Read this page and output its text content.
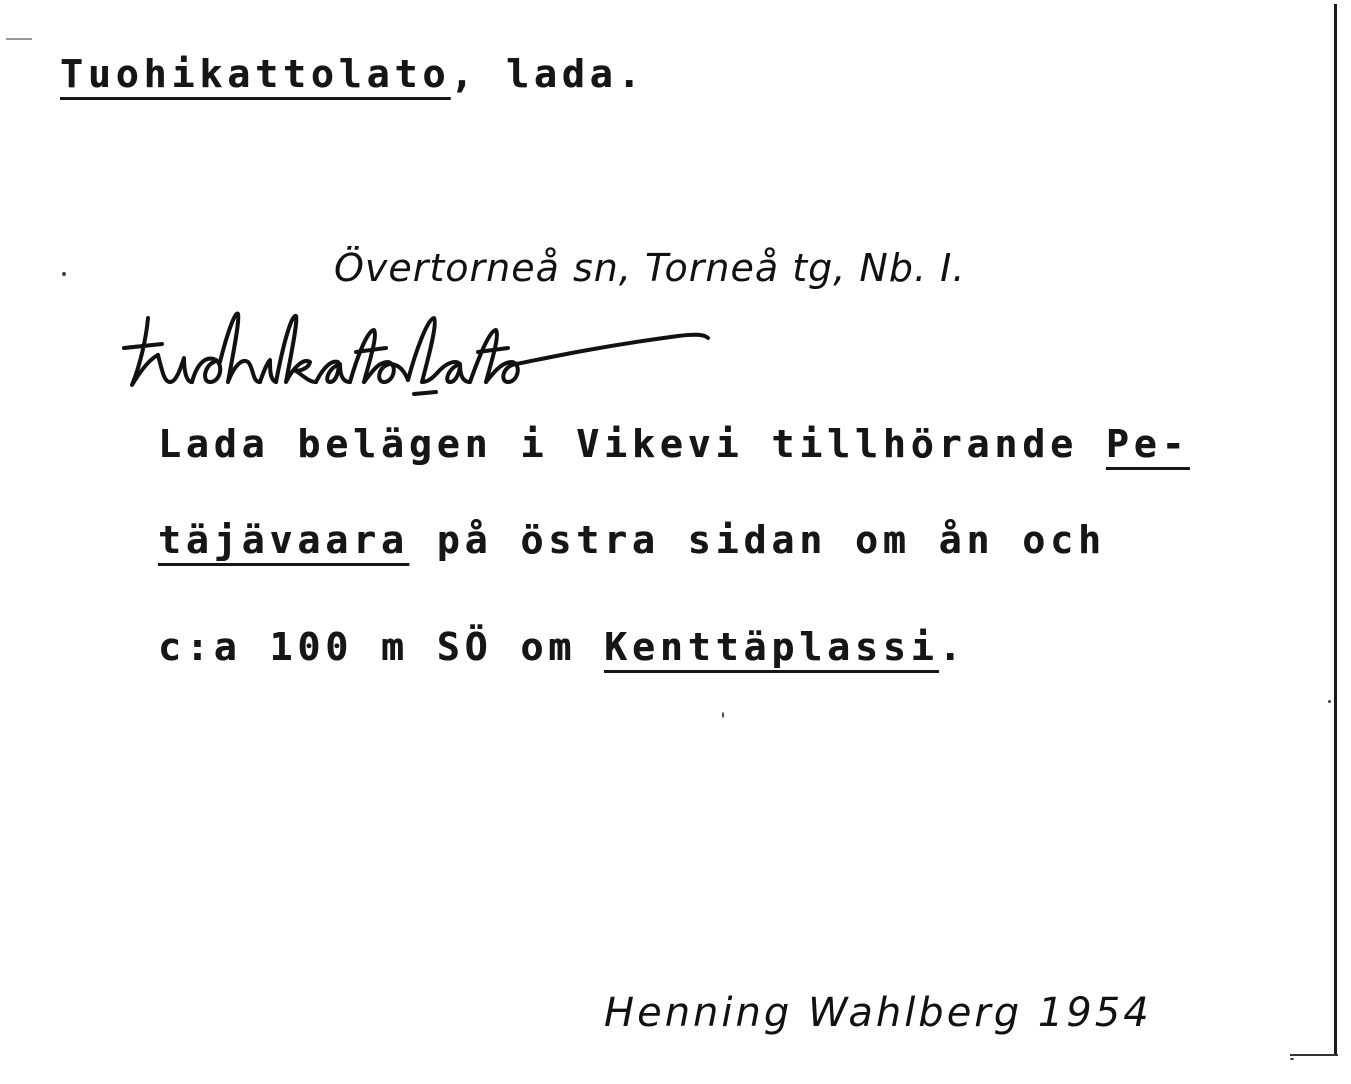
Tuohikattolato, lada.
Övertorneå sn, Torneå tg, Nb. I.
Lada belägen i Vikevi tillhörande Pe-
täjävaara på östra sidan om ån och
c:a 100 m SÖ om Kenttäplassi.
Henning Wahlberg 1954
